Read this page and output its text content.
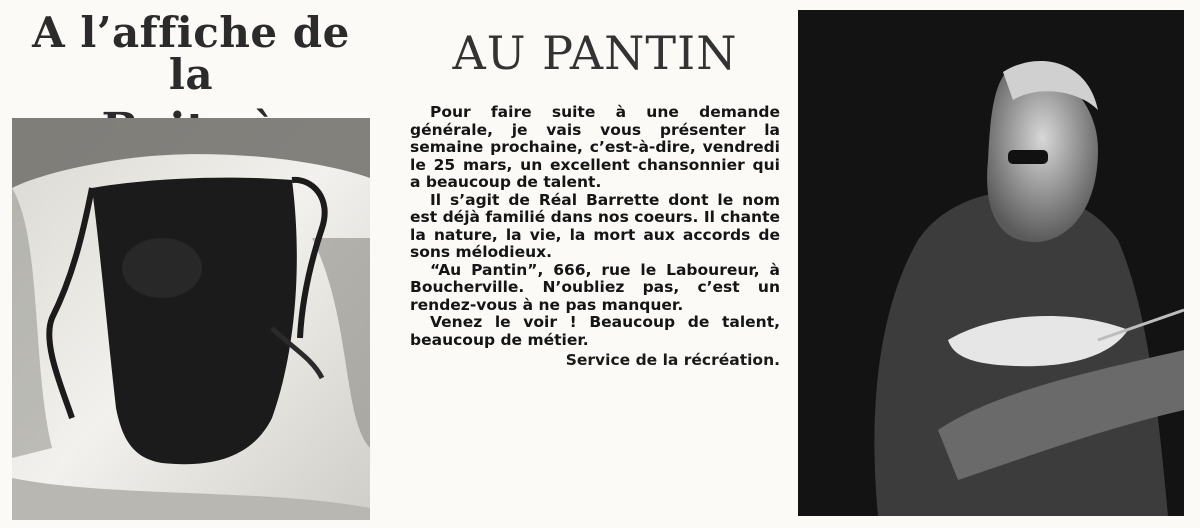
A l’affiche de la	AU PANTIN

Pour faire suite à une demande générale, je vais vous présenter la semaine prochaine, c’est-à-dire, vendredi le 25 mars, un excellent chansonnier qui a beaucoup de talent.

Il s’agit de Réal Barrette dont le nom est déjà familié dans nos coeurs. Il chante la nature, la vie, la mort aux accords de sons mélodieux.

“Au Pantin”, 666, rue le Laboureur, à Boucherville. N’oubliez pas, c’est un rendez-vous à ne pas manquer.

Venez le voir ! Beaucoup de talent, beaucoup de métier.

Service de la récréation.
